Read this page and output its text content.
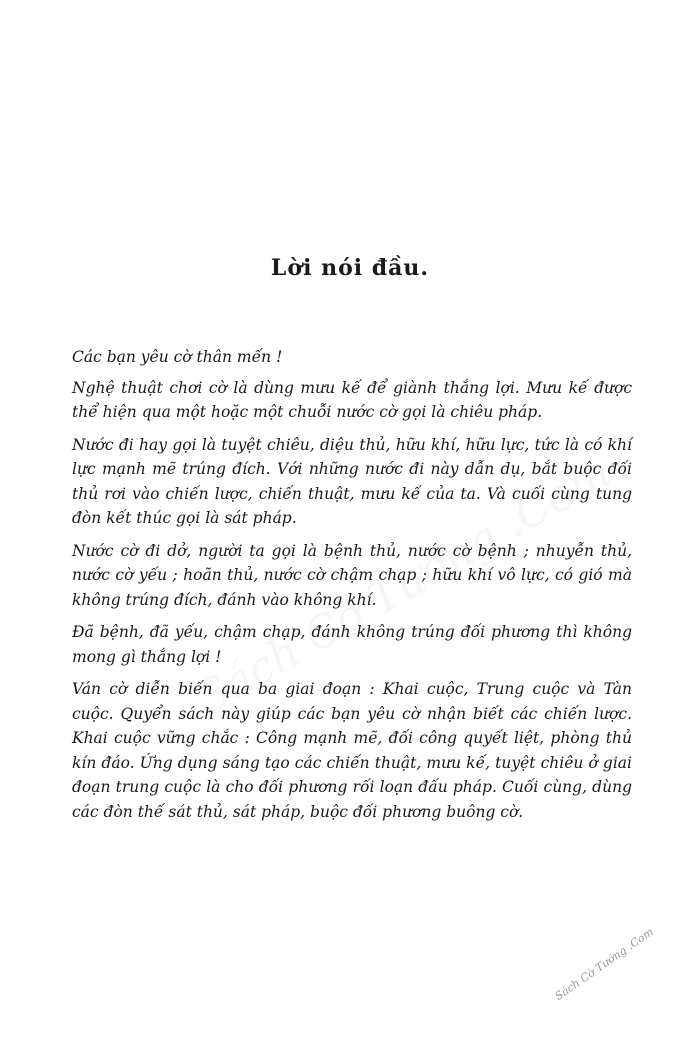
Lời nói đầu.

Các bạn yêu cờ thân mến !

Nghệ thuật chơi cờ là dùng mưu kế để giành thắng lợi. Mưu kế được thể hiện qua một hoặc một chuỗi nước cờ gọi là chiêu pháp.

Nước đi hay gọi là tuyệt chiêu, diệu thủ, hữu khí, hữu lực, tức là có khí lực mạnh mẽ trúng đích. Với những nước đi này dẫn dụ, bắt buộc đối thủ rơi vào chiến lược, chiến thuật, mưu kế của ta. Và cuối cùng tung đòn kết thúc gọi là sát pháp.

Nước cờ đi dở, người ta gọi là bệnh thủ, nước cờ bệnh ; nhuyễn thủ, nước cờ yếu ; hoãn thủ, nước cờ chậm chạp ; hữu khí vô lực, có gió mà không trúng đích, đánh vào không khí.

Đã bệnh, đã yếu, chậm chạp, đánh không trúng đối phương thì không mong gì thắng lợi !

Ván cờ diễn biến qua ba giai đoạn : Khai cuộc, Trung cuộc và Tàn cuộc. Quyển sách này giúp các bạn yêu cờ nhận biết các chiến lược. Khai cuộc vững chắc : Công mạnh mẽ, đối công quyết liệt, phòng thủ kín đáo. Ứng dụng sáng tạo các chiến thuật, mưu kế, tuyệt chiêu ở giai đoạn trung cuộc là cho đối phương rối loạn đấu pháp. Cuối cùng, dùng các đòn thế sát thủ, sát pháp, buộc đối phương buông cờ.

Sách Cờ Tướng .Com
